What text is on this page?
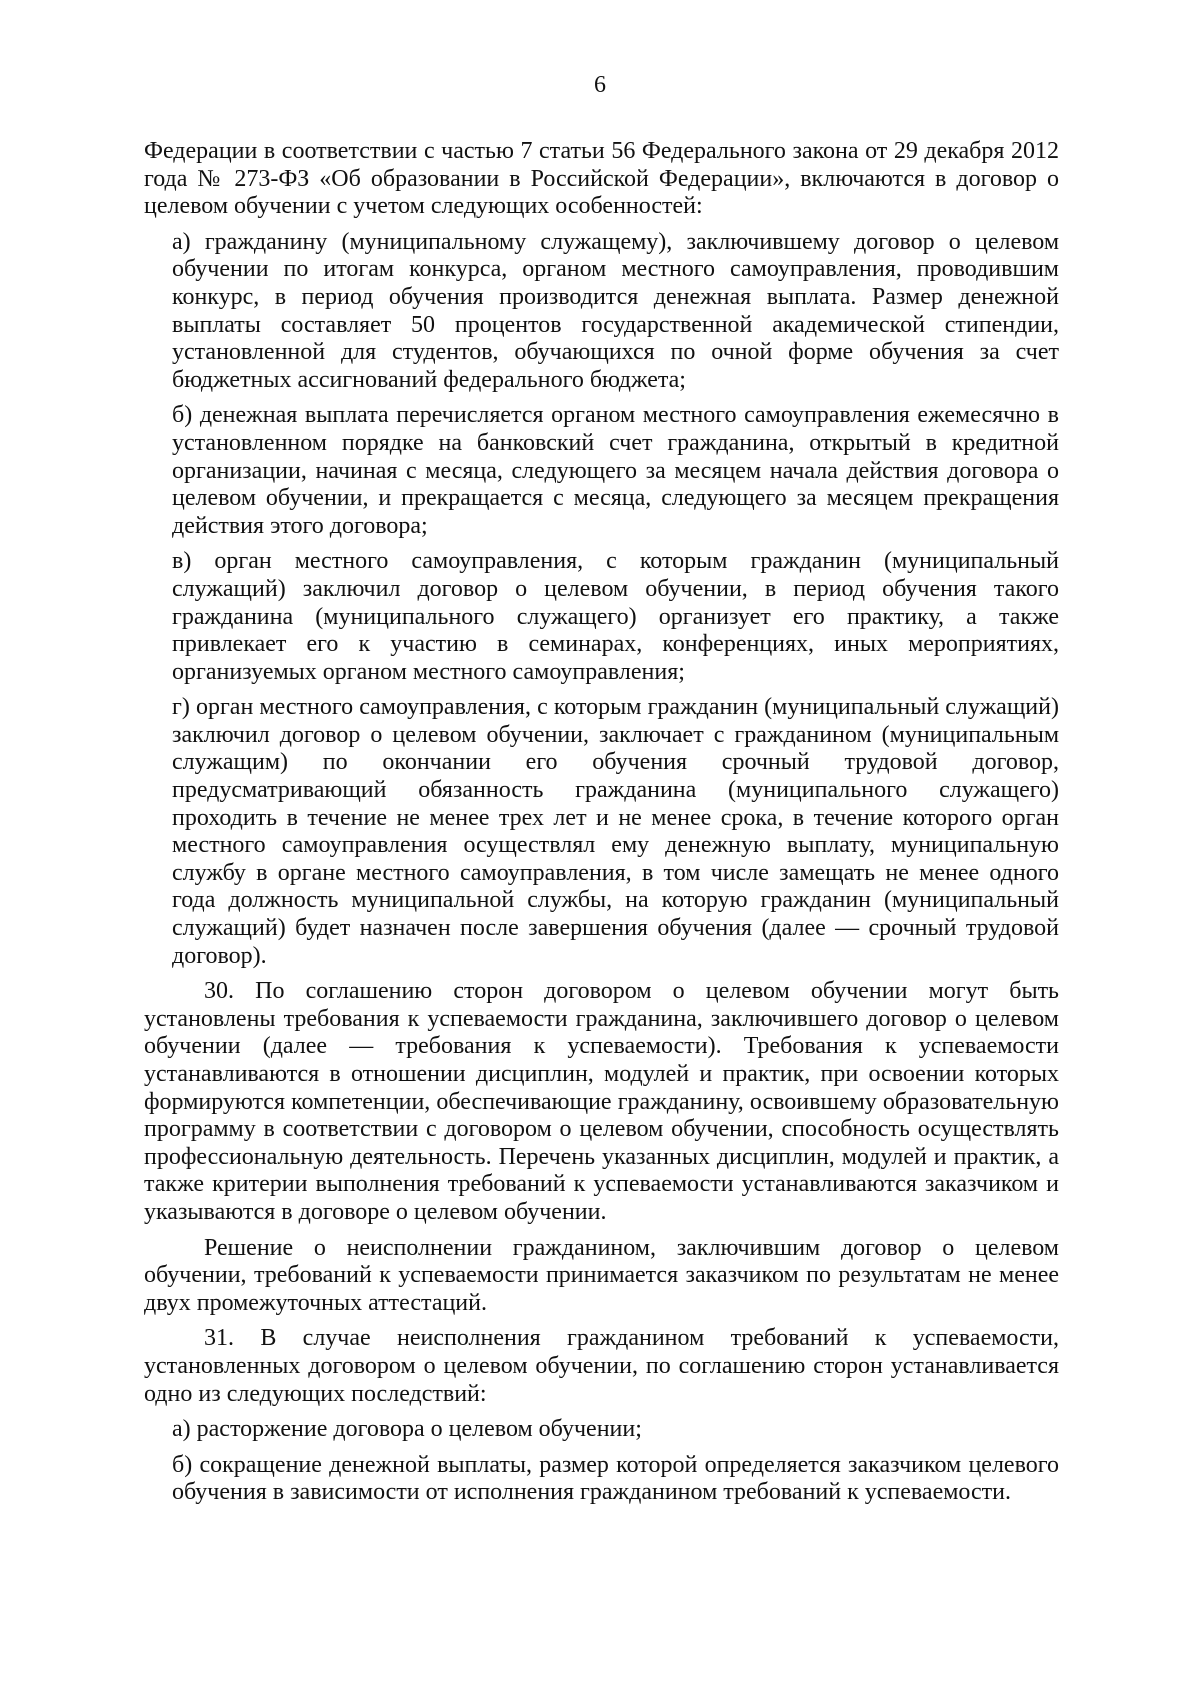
6

Федерации в соответствии с частью 7 статьи 56 Федерального закона от 29 декабря 2012 года № 273-ФЗ «Об образовании в Российской Федерации», включаются в договор о целевом обучении с учетом следующих особенностей:

а) гражданину (муниципальному служащему), заключившему договор о целевом обучении по итогам конкурса, органом местного самоуправления, проводившим конкурс, в период обучения производится денежная выплата. Размер денежной выплаты составляет 50 процентов государственной академической стипендии, установленной для студентов, обучающихся по очной форме обучения за счет бюджетных ассигнований федерального бюджета;

б) денежная выплата перечисляется органом местного самоуправления ежемесячно в установленном порядке на банковский счет гражданина, открытый в кредитной организации, начиная с месяца, следующего за месяцем начала действия договора о целевом обучении, и прекращается с месяца, следующего за месяцем прекращения действия этого договора;

в) орган местного самоуправления, с которым гражданин (муниципальный служащий) заключил договор о целевом обучении, в период обучения такого гражданина (муниципального служащего) организует его практику, а также привлекает его к участию в семинарах, конференциях, иных мероприятиях, организуемых органом местного самоуправления;

г) орган местного самоуправления, с которым гражданин (муниципальный служащий) заключил договор о целевом обучении, заключает с гражданином (муниципальным служащим) по окончании его обучения срочный трудовой договор, предусматривающий обязанность гражданина (муниципального служащего) проходить в течение не менее трех лет и не менее срока, в течение которого орган местного самоуправления осуществлял ему денежную выплату, муниципальную службу в органе местного самоуправления, в том числе замещать не менее одного года должность муниципальной службы, на которую гражданин (муниципальный служащий) будет назначен после завершения обучения (далее — срочный трудовой договор).

30. По соглашению сторон договором о целевом обучении могут быть установлены требования к успеваемости гражданина, заключившего договор о целевом обучении (далее — требования к успеваемости). Требования к успеваемости устанавливаются в отношении дисциплин, модулей и практик, при освоении которых формируются компетенции, обеспечивающие гражданину, освоившему образовательную программу в соответствии с договором о целевом обучении, способность осуществлять профессиональную деятельность. Перечень указанных дисциплин, модулей и практик, а также критерии выполнения требований к успеваемости устанавливаются заказчиком и указываются в договоре о целевом обучении.

Решение о неисполнении гражданином, заключившим договор о целевом обучении, требований к успеваемости принимается заказчиком по результатам не менее двух промежуточных аттестаций.

31. В случае неисполнения гражданином требований к успеваемости, установленных договором о целевом обучении, по соглашению сторон устанавливается одно из следующих последствий:

а) расторжение договора о целевом обучении;

б) сокращение денежной выплаты, размер которой определяется заказчиком целевого обучения в зависимости от исполнения гражданином требований к успеваемости.
